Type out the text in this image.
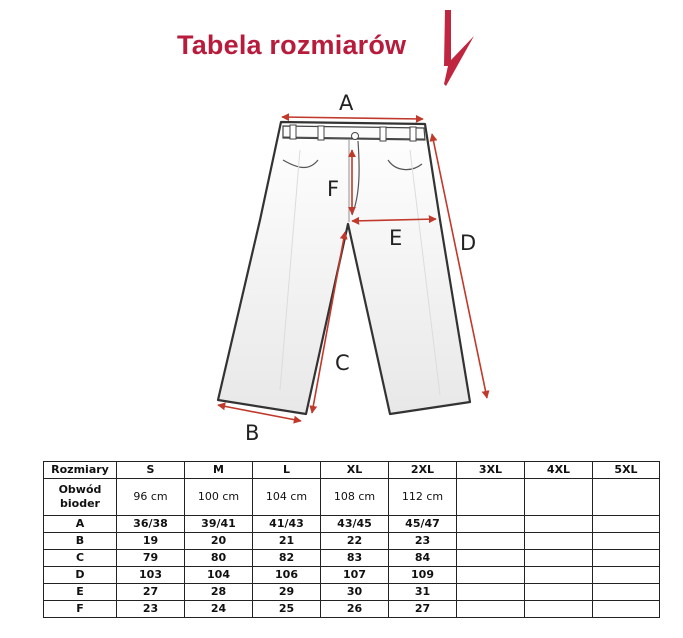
Tabela rozmiarów
A
F
E	D
C
B
Rozmiary	S	M	L	XL	2XL	3XL	4XL	5XL
Obwód bioder	96 cm	100 cm	104 cm	108 cm	112 cm			
A	36/38	39/41	41/43	43/45	45/47			
B	19	20	21	22	23			
C	79	80	82	83	84			
D	103	104	106	107	109			
E	27	28	29	30	31			
F	23	24	25	26	27			
